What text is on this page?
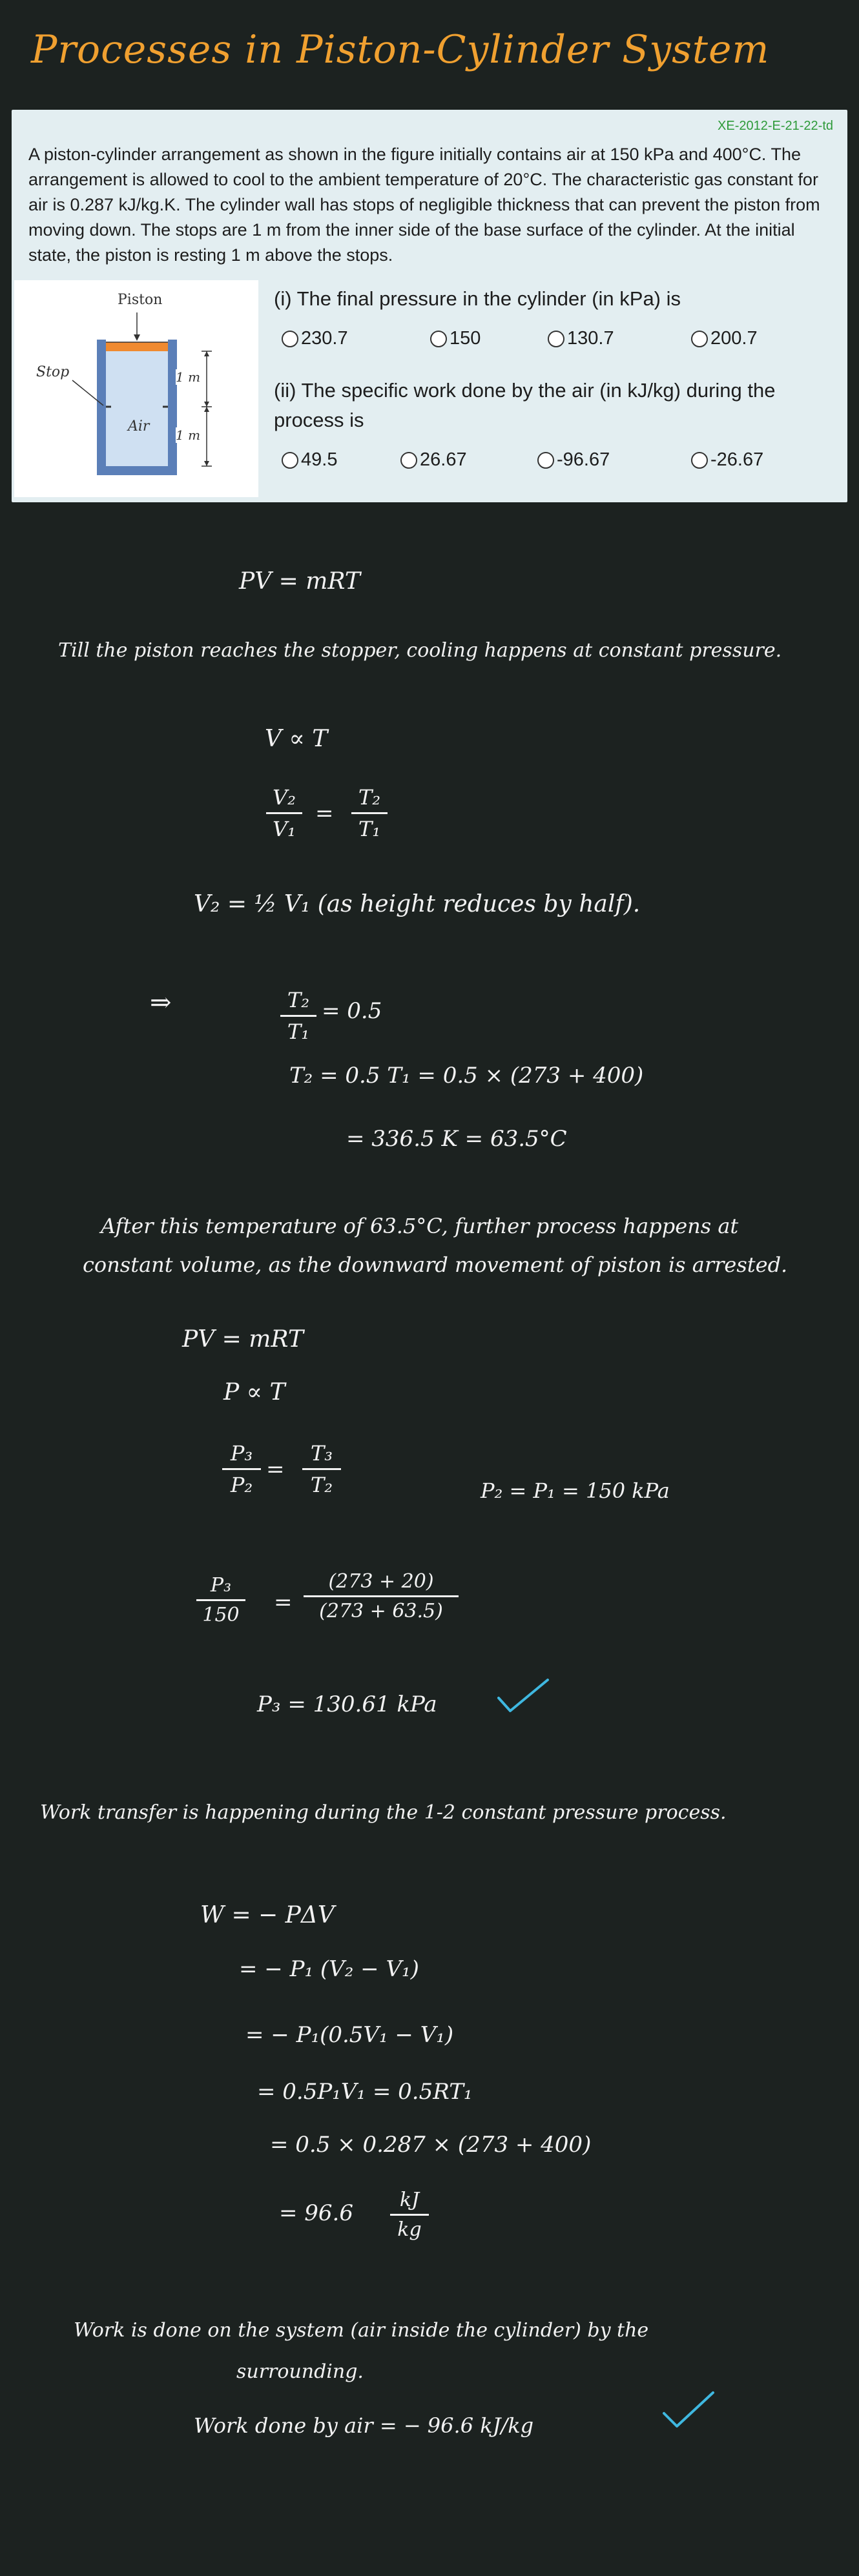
Processes in Piston-Cylinder System
XE-2012-E-21-22-td
A piston-cylinder arrangement as shown in the figure initially contains air at 150 kPa and 400°C. The arrangement is allowed to cool to the ambient temperature of 20°C. The characteristic gas constant for air is 0.287 kJ/kg.K. The cylinder wall has stops of negligible thickness that can prevent the piston from moving down. The stops are 1 m from the inner side of the base surface of the cylinder. At the initial state, the piston is resting 1 m above the stops.
Piston
Stop
Air
1 m
1 m
(i) The final pressure in the cylinder (in kPa) is
230.7	150	130.7	200.7
(ii) The specific work done by the air (in kJ/kg) during the process is
49.5	26.67	-96.67	-26.67
PV = mRT
Till the piston reaches the stopper, cooling happens at constant pressure.
V ∝ T
V₂
V₁
=
T₂
T₁
V₂ = ½ V₁ (as height reduces by half).
⇒	T₂
T₁
= 0.5
T₂ = 0.5 T₁ = 0.5 × (273 + 400)
= 336.5 K = 63.5°C
After this temperature of 63.5°C, further process happens at
constant volume, as the downward movement of piston is arrested.
PV = mRT
P ∝ T
P₃
P₂
=
T₃
T₂	P₂ = P₁ = 150 kPa
P₃
150 =
(273 + 20)
(273 + 63.5)
P₃ = 130.61 kPa
Work transfer is happening during the 1-2 constant pressure process.
W = − PΔV
= − P₁ (V₂ − V₁)
= − P₁(0.5V₁ − V₁)
= 0.5P₁V₁ = 0.5RT₁
= 0.5 × 0.287 × (273 + 400)
= 96.6
kJ
kg
Work is done on the system (air inside the cylinder) by the
surrounding.
Work done by air = − 96.6 kJ/kg
